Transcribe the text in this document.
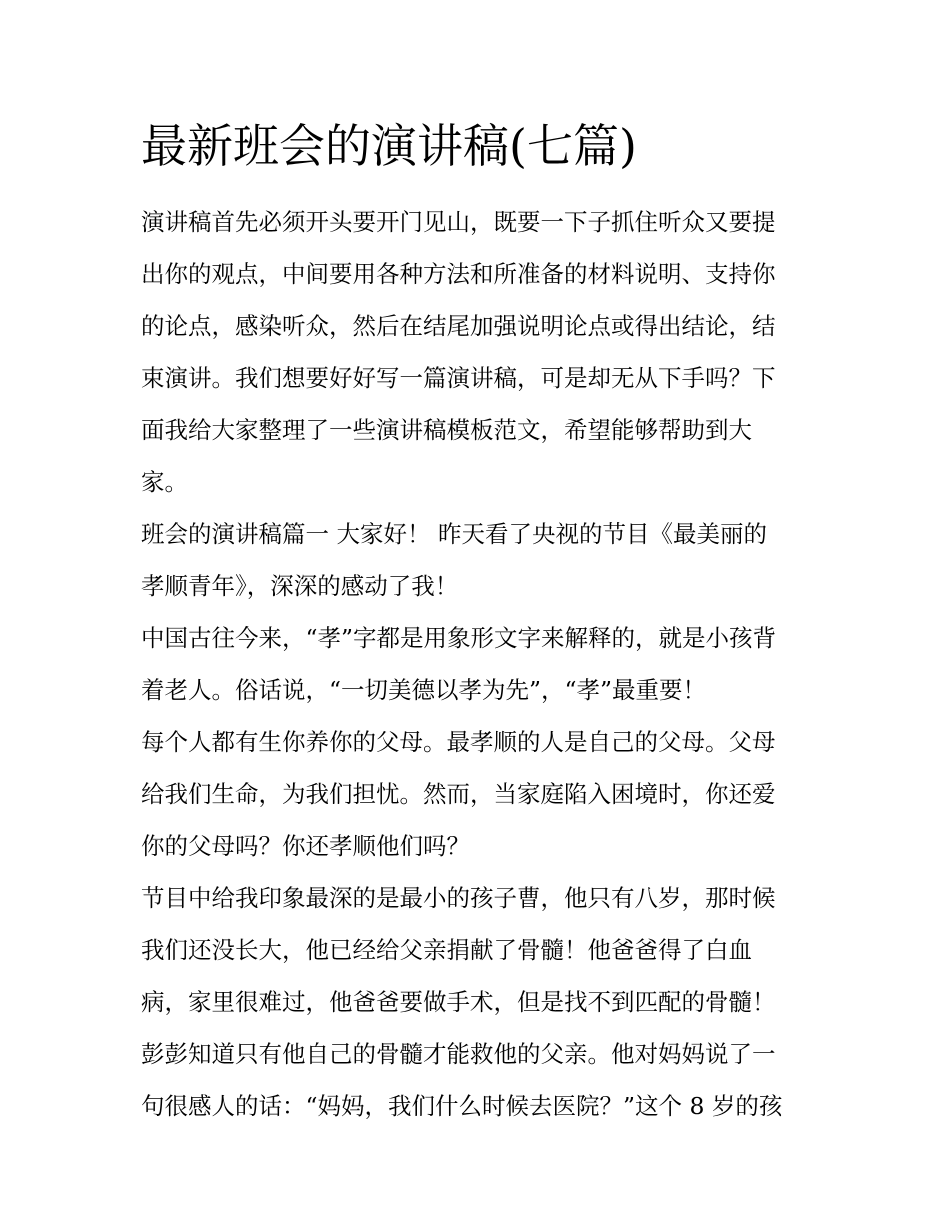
最新班会的演讲稿(七篇)
演讲稿首先必须开头要开门见山，既要一下子抓住听众又要提
出你的观点，中间要用各种方法和所准备的材料说明、支持你
的论点，感染听众，然后在结尾加强说明论点或得出结论，结
束演讲。我们想要好好写一篇演讲稿，可是却无从下手吗？下
面我给大家整理了一些演讲稿模板范文，希望能够帮助到大
家。
班会的演讲稿篇一 大家好！ 昨天看了央视的节目《最美丽的
孝顺青年》，深深的感动了我！
中国古往今来，“孝”字都是用象形文字来解释的，就是小孩背
着老人。俗话说，“一切美德以孝为先”，“孝”最重要！
每个人都有生你养你的父母。最孝顺的人是自己的父母。父母
给我们生命，为我们担忧。然而，当家庭陷入困境时，你还爱
你的父母吗？你还孝顺他们吗？
节目中给我印象最深的是最小的孩子曹，他只有八岁，那时候
我们还没长大，他已经给父亲捐献了骨髓！他爸爸得了白血
病，家里很难过，他爸爸要做手术，但是找不到匹配的骨髓！
彭彭知道只有他自己的骨髓才能救他的父亲。他对妈妈说了一
句很感人的话：“妈妈，我们什么时候去医院？”这个 8 岁的孩
